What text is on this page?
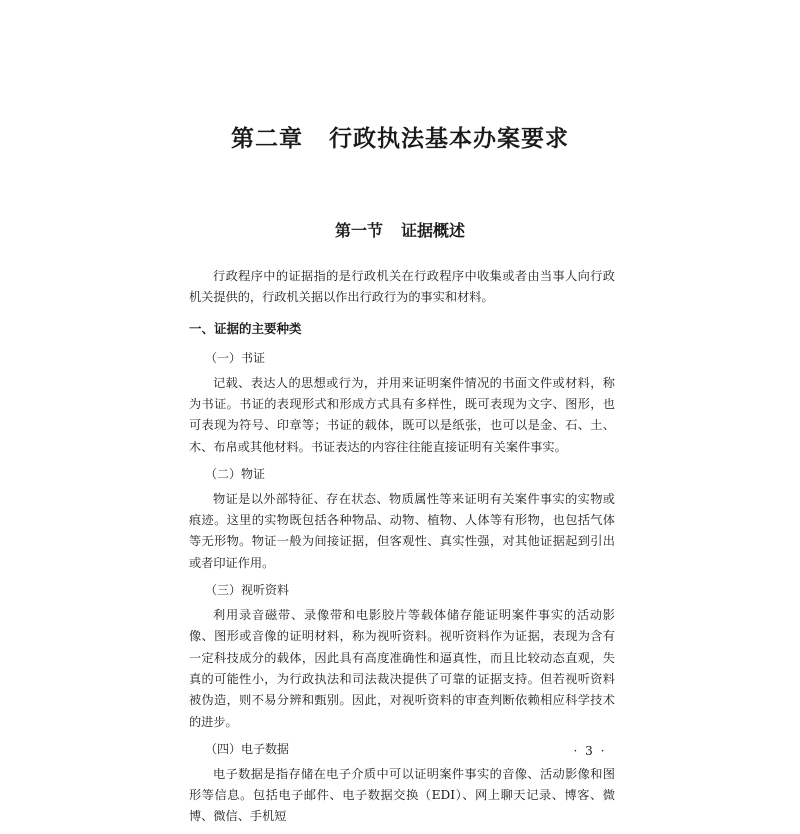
第二章 行政执法基本办案要求
第一节 证据概述

行政程序中的证据指的是行政机关在行政程序中收集或者由当事人向行政机关提供的，行政机关据以作出行政行为的事实和材料。

一、证据的主要种类

（一）书证

记载、表达人的思想或行为，并用来证明案件情况的书面文件或材料，称为书证。书证的表现形式和形成方式具有多样性，既可表现为文字、图形，也可表现为符号、印章等；书证的载体，既可以是纸张，也可以是金、石、土、木、布帛或其他材料。书证表达的内容往往能直接证明有关案件事实。

（二）物证

物证是以外部特征、存在状态、物质属性等来证明有关案件事实的实物或痕迹。这里的实物既包括各种物品、动物、植物、人体等有形物，也包括气体等无形物。物证一般为间接证据，但客观性、真实性强，对其他证据起到引出或者印证作用。

（三）视听资料

利用录音磁带、录像带和电影胶片等载体储存能证明案件事实的活动影像、图形或音像的证明材料，称为视听资料。视听资料作为证据，表现为含有一定科技成分的载体，因此具有高度准确性和逼真性，而且比较动态直观，失真的可能性小，为行政执法和司法裁决提供了可靠的证据支持。但若视听资料被伪造，则不易分辨和甄别。因此，对视听资料的审查判断依赖相应科学技术的进步。

（四）电子数据

电子数据是指存储在电子介质中可以证明案件事实的音像、活动影像和图形等信息。包括电子邮件、电子数据交换（EDI）、网上聊天记录、博客、微博、微信、手机短

· 3 ·
